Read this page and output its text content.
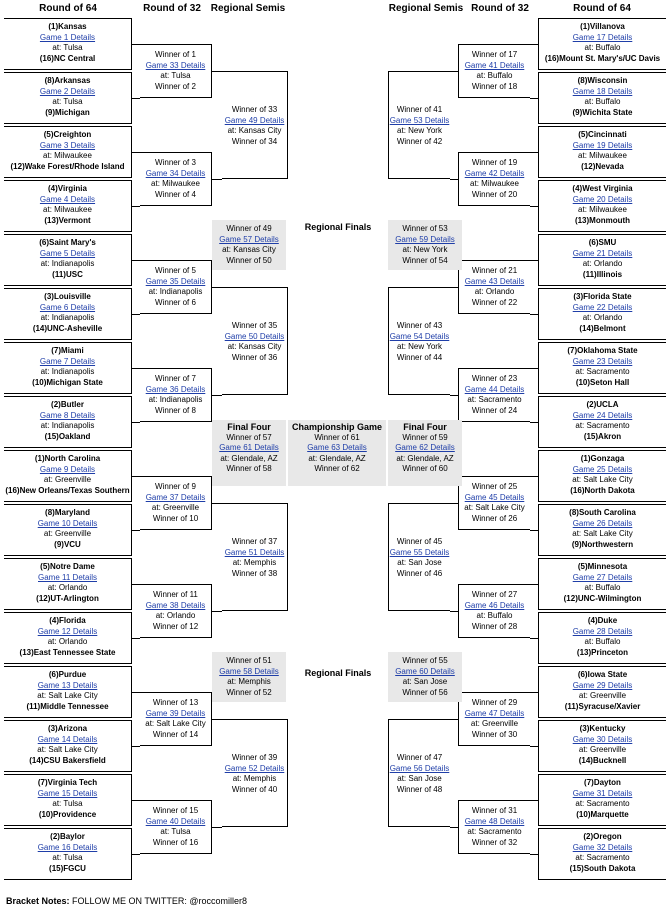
Round of 64	Round of 32 Regional Semis	Regional Semis Round of 32	Round of 64
(1)Kansas
Game 1 Details
at: Tulsa
(16)NC Central
(8)Arkansas
Game 2 Details
at: Tulsa
(9)Michigan
(5)Creighton
Game 3 Details
at: Milwaukee
(12)Wake Forest/Rhode Island
(4)Virginia
Game 4 Details
at: Milwaukee
(13)Vermont
(6)Saint Mary's
Game 5 Details
at: Indianapolis
(11)USC
(3)Louisville
Game 6 Details
at: Indianapolis
(14)UNC-Asheville
(7)Miami
Game 7 Details
at: Indianapolis
(10)Michigan State
(2)Butler
Game 8 Details
at: Indianapolis
(15)Oakland
(1)North Carolina
Game 9 Details
at: Greenville
(16)New Orleans/Texas Southern
(8)Maryland
Game 10 Details
at: Greenville
(9)VCU
(5)Notre Dame
Game 11 Details
at: Orlando
(12)UT-Arlington
(4)Florida
Game 12 Details
at: Orlando
(13)East Tennessee State
(6)Purdue
Game 13 Details
at: Salt Lake City
(11)Middle Tennessee
(3)Arizona
Game 14 Details
at: Salt Lake City
(14)CSU Bakersfield
(7)Virginia Tech
Game 15 Details
at: Tulsa
(10)Providence
(2)Baylor
Game 16 Details
at: Tulsa
(15)FGCU
(1)Villanova
Game 17 Details
at: Buffalo
(16)Mount St. Mary's/UC Davis
(8)Wisconsin
Game 18 Details
at: Buffalo
(9)Wichita State
(5)Cincinnati
Game 19 Details
at: Milwaukee
(12)Nevada
(4)West Virginia
Game 20 Details
at: Milwaukee
(13)Monmouth
(6)SMU
Game 21 Details
at: Orlando
(11)Illinois
(3)Florida State
Game 22 Details
at: Orlando
(14)Belmont
(7)Oklahoma State
Game 23 Details
at: Sacramento
(10)Seton Hall
(2)UCLA
Game 24 Details
at: Sacramento
(15)Akron
(1)Gonzaga
Game 25 Details
at: Salt Lake City
(16)North Dakota
(8)South Carolina
Game 26 Details
at: Salt Lake City
(9)Northwestern
(5)Minnesota
Game 27 Details
at: Buffalo
(12)UNC-Wilmington
(4)Duke
Game 28 Details
at: Buffalo
(13)Princeton
(6)Iowa State
Game 29 Details
at: Greenville
(11)Syracuse/Xavier
(3)Kentucky
Game 30 Details
at: Greenville
(14)Bucknell
(7)Dayton
Game 31 Details
at: Sacramento
(10)Marquette
(2)Oregon
Game 32 Details
at: Sacramento
(15)South Dakota
Winner of 1
Game 33 Details
at: Tulsa
Winner of 2
Winner of 17
Game 41 Details
at: Buffalo
Winner of 18
Winner of 3
Game 34 Details
at: Milwaukee
Winner of 4
Winner of 19
Game 42 Details
at: Milwaukee
Winner of 20
Winner of 5
Game 35 Details
at: Indianapolis
Winner of 6
Winner of 21
Game 43 Details
at: Orlando
Winner of 22
Winner of 7
Game 36 Details
at: Indianapolis
Winner of 8
Winner of 23
Game 44 Details
at: Sacramento
Winner of 24
Winner of 9
Game 37 Details
at: Greenville
Winner of 10
Winner of 25
Game 45 Details
at: Salt Lake City
Winner of 26
Winner of 11
Game 38 Details
at: Orlando
Winner of 12
Winner of 27
Game 46 Details
at: Buffalo
Winner of 28
Winner of 13
Game 39 Details
at: Salt Lake City
Winner of 14
Winner of 29
Game 47 Details
at: Greenville
Winner of 30
Winner of 15
Game 40 Details
at: Tulsa
Winner of 16
Winner of 31
Game 48 Details
at: Sacramento
Winner of 32
Winner of 33
Game 49 Details
at: Kansas City
Winner of 34
Winner of 41
Game 53 Details
at: New York
Winner of 42
Winner of 35
Game 50 Details
at: Kansas City
Winner of 36
Winner of 43
Game 54 Details
at: New York
Winner of 44
Winner of 37
Game 51 Details
at: Memphis
Winner of 38
Winner of 45
Game 55 Details
at: San Jose
Winner of 46
Winner of 39
Game 52 Details
at: Memphis
Winner of 40
Winner of 47
Game 56 Details
at: San Jose
Winner of 48
Winner of 49
Game 57 Details
at: Kansas City
Winner of 50
Winner of 53
Game 59 Details
at: New York
Winner of 54
Winner of 51
Game 58 Details
at: Memphis
Winner of 52
Winner of 55
Game 60 Details
at: San Jose
Winner of 56
Final Four
Winner of 57
Game 61 Details
at: Glendale, AZ
Winner of 58
Championship Game
Winner of 61
Game 63 Details
at: Glendale, AZ
Winner of 62
Final Four
Winner of 59
Game 62 Details
at: Glendale, AZ
Winner of 60
Regional Finals
Regional Finals
Bracket Notes: FOLLOW ME ON TWITTER: @roccomiller8
